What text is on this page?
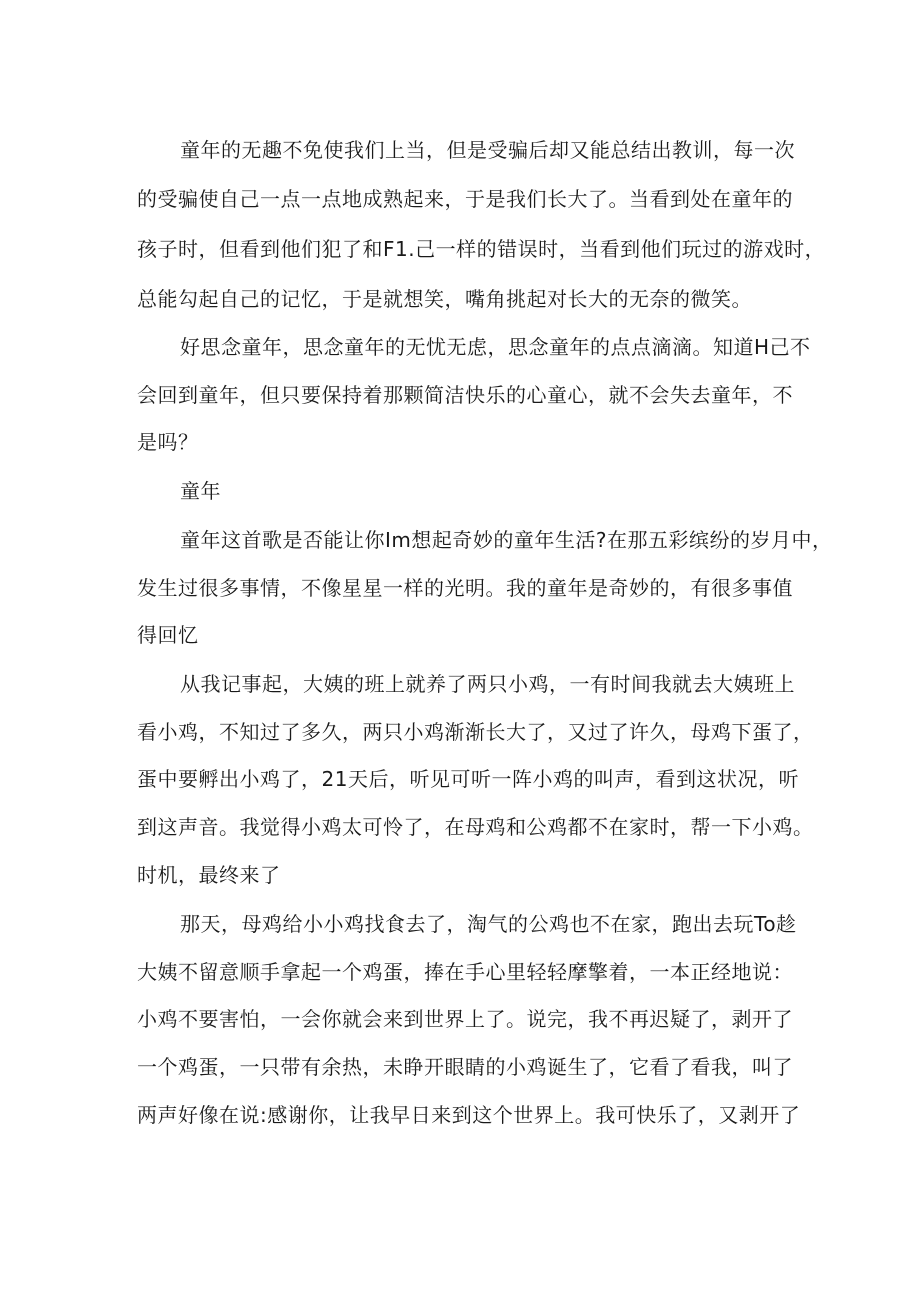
童年的无趣不免使我们上当，但是受骗后却又能总结出教训，每一次
的受骗使自己一点一点地成熟起来，于是我们长大了。当看到处在童年的
孩子时，但看到他们犯了和F1.己一样的错误时，当看到他们玩过的游戏时，
总能勾起自己的记忆，于是就想笑，嘴角挑起对长大的无奈的微笑。
好思念童年，思念童年的无忧无虑，思念童年的点点滴滴。知道H己不
会回到童年，但只要保持着那颗简洁快乐的心童心，就不会失去童年，不
是吗？
童年
童年这首歌是否能让你Im想起奇妙的童年生活?在那五彩缤纷的岁月中，
发生过很多事情，不像星星一样的光明。我的童年是奇妙的，有很多事值
得回忆
从我记事起，大姨的班上就养了两只小鸡，一有时间我就去大姨班上
看小鸡，不知过了多久，两只小鸡渐渐长大了，又过了许久，母鸡下蛋了，
蛋中要孵出小鸡了，21天后，听见可听一阵小鸡的叫声，看到这状况，听
到这声音。我觉得小鸡太可怜了，在母鸡和公鸡都不在家时，帮一下小鸡。
时机，最终来了
那天，母鸡给小小鸡找食去了，淘气的公鸡也不在家，跑出去玩To趁
大姨不留意顺手拿起一个鸡蛋，捧在手心里轻轻摩擎着，一本正经地说：
小鸡不要害怕，一会你就会来到世界上了。说完，我不再迟疑了，剥开了
一个鸡蛋，一只带有余热，未睁开眼睛的小鸡诞生了，它看了看我，叫了
两声好像在说:感谢你，让我早日来到这个世界上。我可快乐了，又剥开了
